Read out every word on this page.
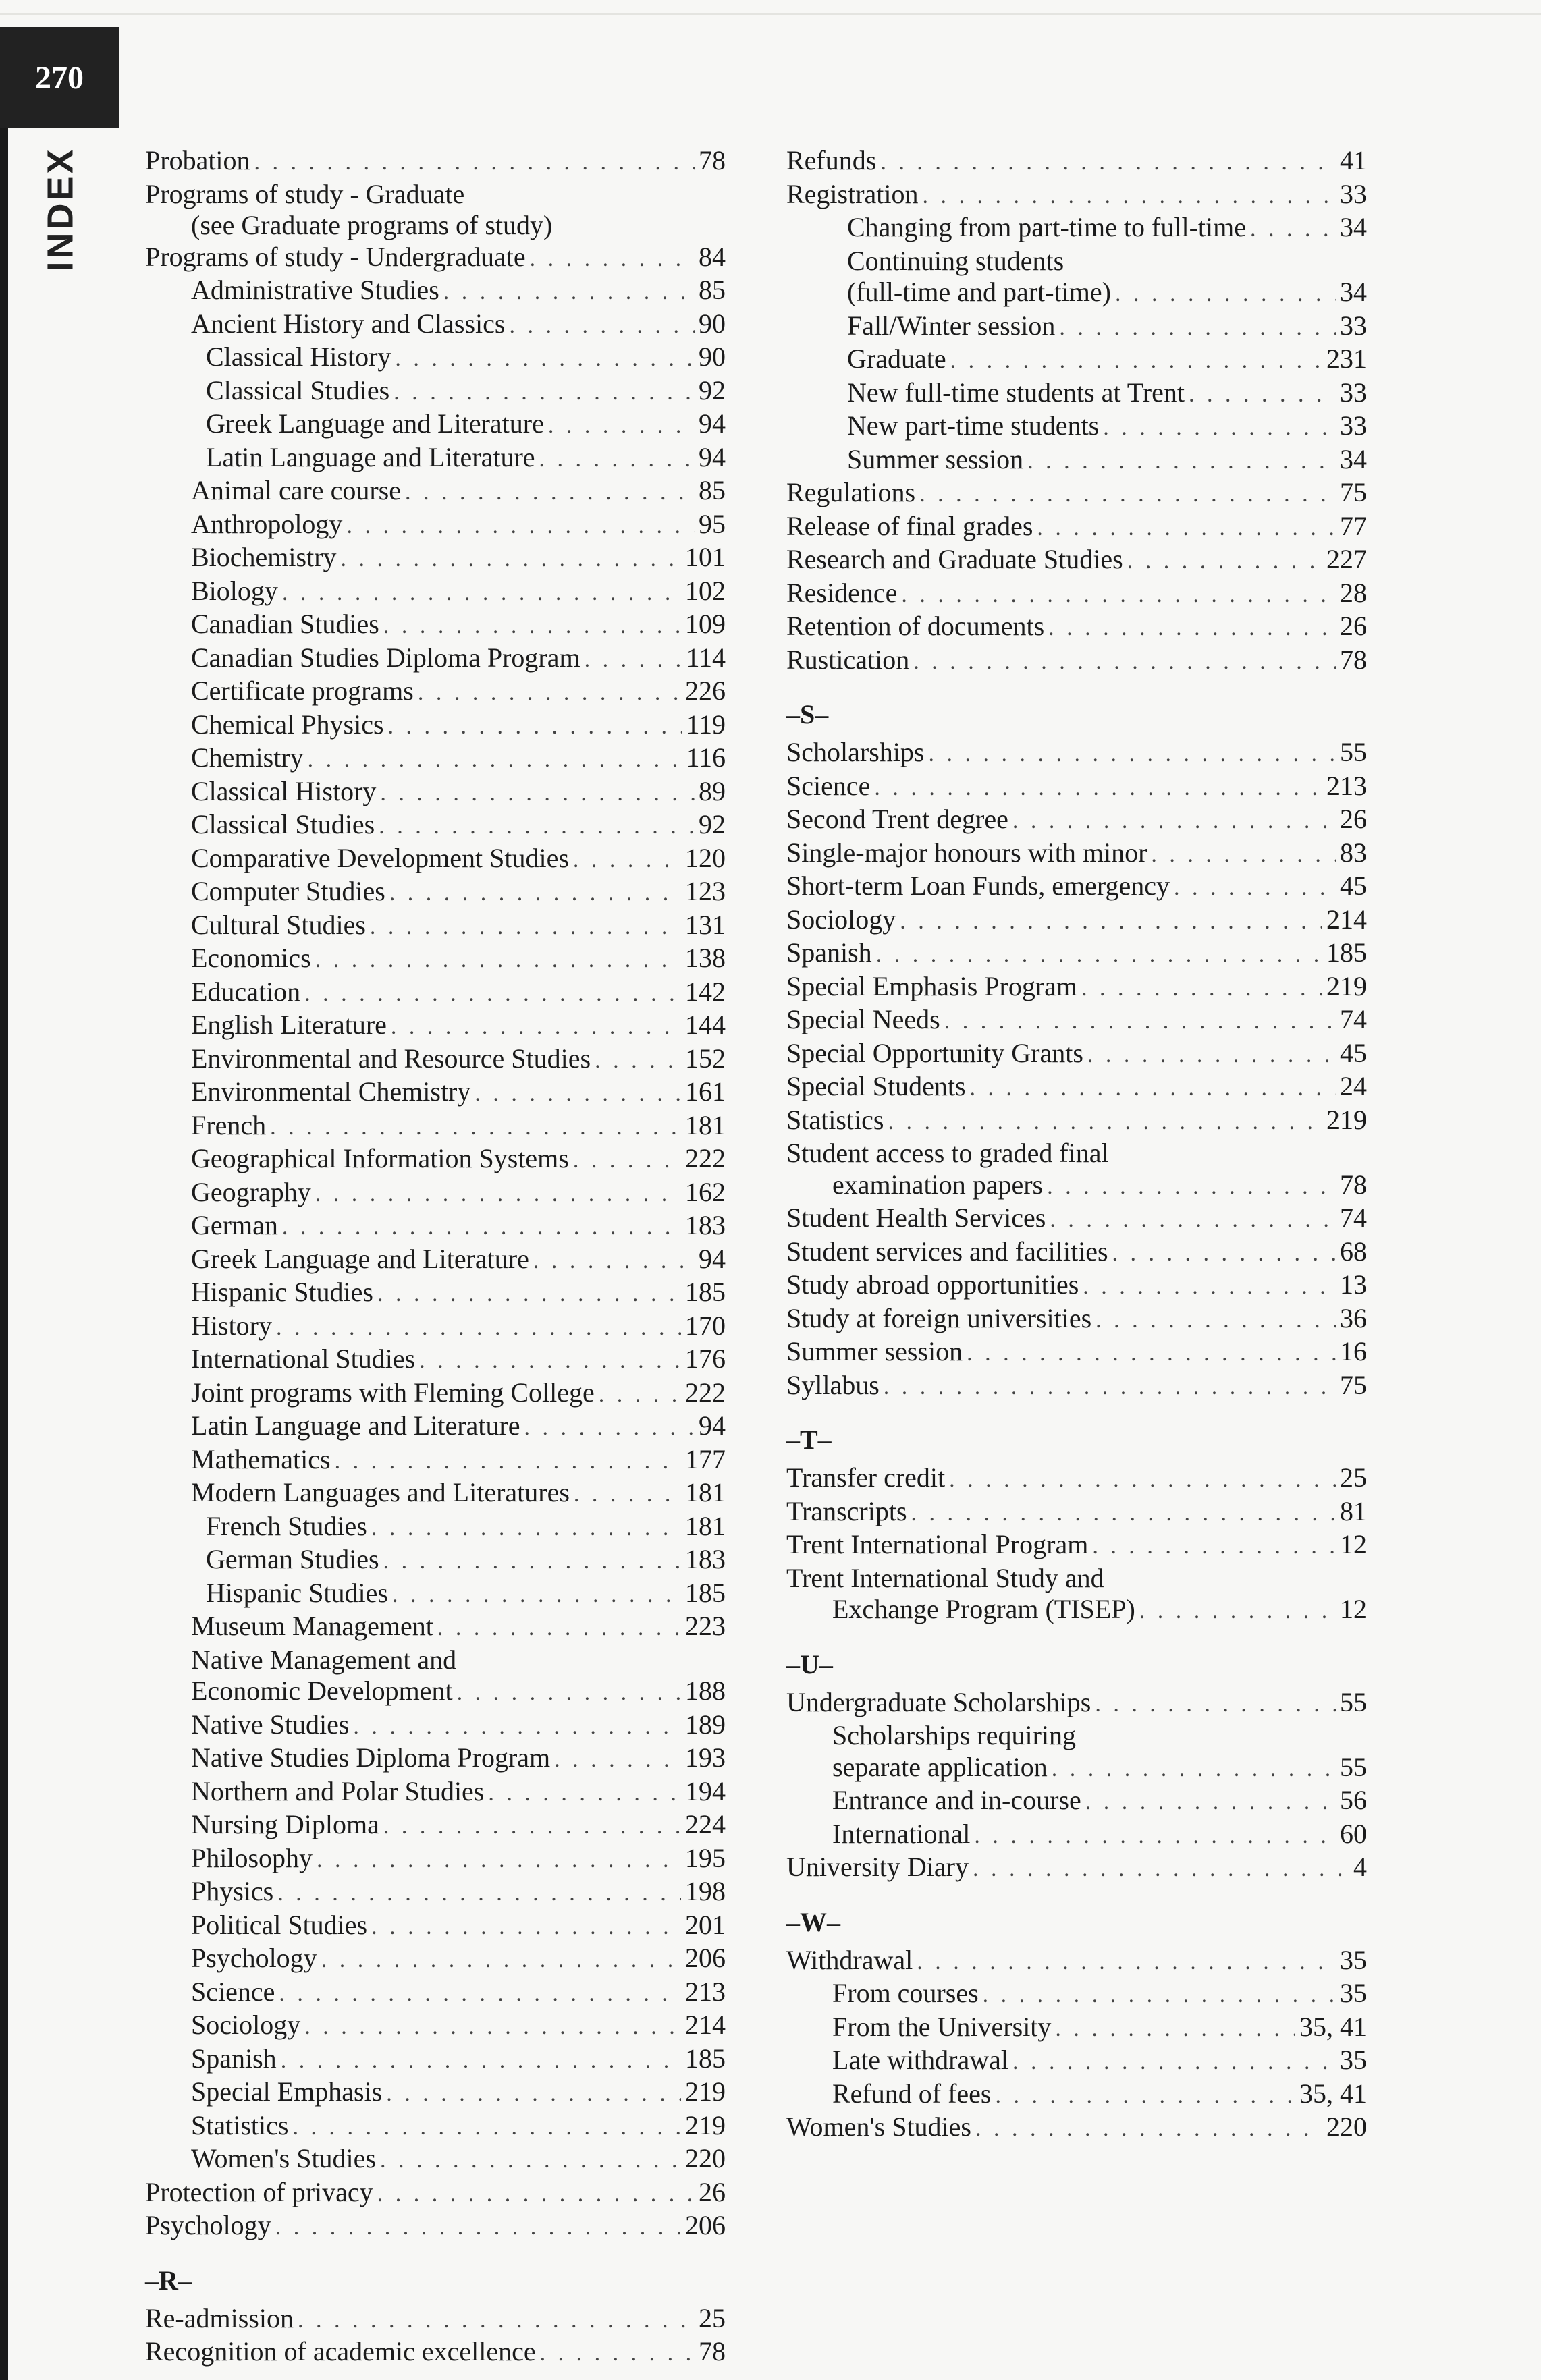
270
INDEX Probation . . .	78
Programs of study - Graduate
(see Graduate programs of study)
Programs of study - Undergraduate . . .	84
Administrative Studies . . .	85
Ancient History and Classics . . .	90
Classical History . . .	90
Classical Studies . . .	92
Greek Language and Literature . . .	94
Latin Language and Literature . . .	94
Animal care course . . .	85
Anthropology . . .	95
Biochemistry . . .	101
Biology . . .	102
Canadian Studies . . .	109
Canadian Studies Diploma Program . . .	114
Certificate programs . . .	226
Chemical Physics . . .	119
Chemistry . . .	116
Classical History . . .	89
Classical Studies . . .	92
Comparative Development Studies . . .	120
Computer Studies . . .	123
Cultural Studies . . .	131
Economics . . .	138
Education . . .	142
English Literature . . .	144
Environmental and Resource Studies . . .	152
Environmental Chemistry . . .	161
French . . .	181
Geographical Information Systems . . .	222
Geography . . .	162
German . . .	183
Greek Language and Literature . . .	94
Hispanic Studies . . .	185
History . . .	170
International Studies . . .	176
Joint programs with Fleming College . . .	222
Latin Language and Literature . . .	94
Mathematics . . .	177
Modern Languages and Literatures . . .	181
French Studies . . .	181
German Studies . . .	183
Hispanic Studies . . .	185
Museum Management . . .	223
Native Management and
Economic Development . . .	188
Native Studies . . .	189
Native Studies Diploma Program . . .	193
Northern and Polar Studies . . .	194
Nursing Diploma . . .	224
Philosophy . . .	195
Physics . . .	198
Political Studies . . .	201
Psychology . . .	206
Science . . .	213
Sociology . . .	214
Spanish . . .	185
Special Emphasis . . .	219
Statistics . . .	219
Women's Studies . . .	220
Protection of privacy . . .	26
Psychology . . .	206
–R–
Re-admission . . .	25
Recognition of academic excellence . . .	78
Refunds . . .	41
Registration . . .	33
Changing from part-time to full-time . . .	34
Continuing students
(full-time and part-time) . . .	34
Fall/Winter session . . .	33
Graduate . . .	231
New full-time students at Trent . . .	33
New part-time students . . .	33
Summer session . . .	34
Regulations . . .	75
Release of final grades . . .	77
Research and Graduate Studies . . .	227
Residence . . .	28
Retention of documents . . .	26
Rustication . . .	78
–S–
Scholarships . . .	55
Science . . .	213
Second Trent degree . . .	26
Single-major honours with minor . . .	83
Short-term Loan Funds, emergency . . .	45
Sociology . . .	214
Spanish . . .	185
Special Emphasis Program . . .	219
Special Needs . . .	74
Special Opportunity Grants . . .	45
Special Students . . .	24
Statistics . . .	219
Student access to graded final
examination papers . . .	78
Student Health Services . . .	74
Student services and facilities . . .	68
Study abroad opportunities . . .	13
Study at foreign universities . . .	36
Summer session . . .	16
Syllabus . . .	75
–T–
Transfer credit . . .	25
Transcripts . . .	81
Trent International Program . . .	12
Trent International Study and
Exchange Program (TISEP) . . .	12
–U–
Undergraduate Scholarships . . .	55
Scholarships requiring
separate application . . .	55
Entrance and in-course . . .	56
International . . .	60
University Diary . . .	4
–W–
Withdrawal . . .	35
From courses . . .	35
From the University . . .	35, 41
Late withdrawal . . .	35
Refund of fees . . .	35, 41
Women's Studies . . .	220
